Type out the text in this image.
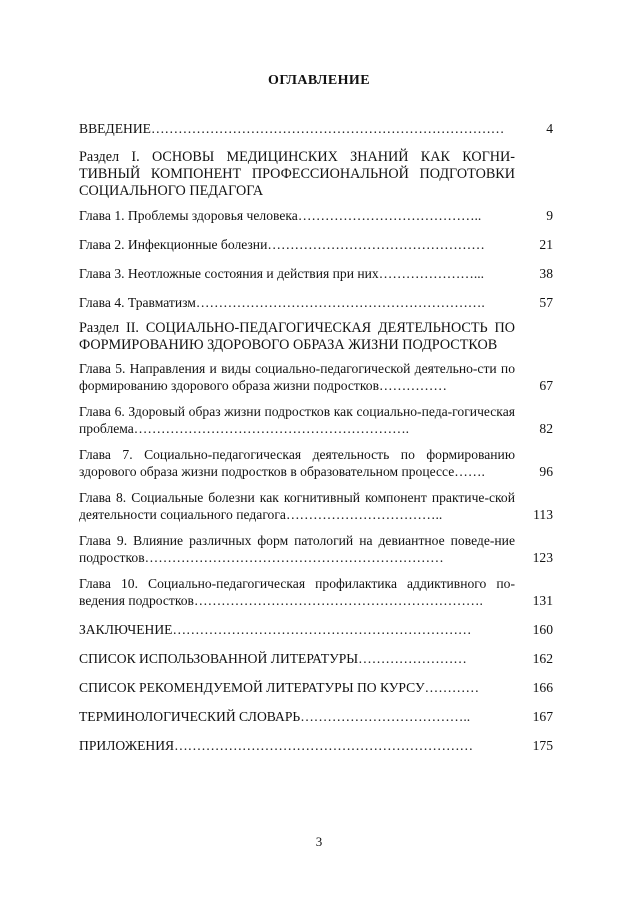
ОГЛАВЛЕНИЕ
ВВЕДЕНИЕ……………………………………………………………………	4
Раздел I. ОСНОВЫ МЕДИЦИНСКИХ ЗНАНИЙ КАК КОГНИ-ТИВНЫЙ КОМПОНЕНТ ПРОФЕССИОНАЛЬНОЙ ПОДГОТОВКИ СОЦИАЛЬНОГО ПЕДАГОГА
Глава 1. Проблемы здоровья человека…………………………………..	9
Глава 2. Инфекционные болезни…………………………………………	21
Глава 3. Неотложные состояния и действия при них…………………...	38
Глава 4. Травматизм……………………………………………………….	57
Раздел II. СОЦИАЛЬНО-ПЕДАГОГИЧЕСКАЯ ДЕЯТЕЛЬНОСТЬ ПО ФОРМИРОВАНИЮ ЗДОРОВОГО ОБРАЗА ЖИЗНИ ПОДРОСТКОВ
Глава 5. Направления и виды социально-педагогической деятельно-сти по формированию здорового образа жизни подростков……………	67
Глава 6. Здоровый образ жизни подростков как социально-педа-гогическая проблема…………………………………………………….	82
Глава 7. Социально-педагогическая деятельность по формированию здорового образа жизни подростков в образовательном процессе…….	96
Глава 8. Социальные болезни как когнитивный компонент практиче-ской деятельности социального педагога……………………………..	113
Глава 9. Влияние различных форм патологий на девиантное поведе-ние подростков…………………………………………………………	123
Глава 10. Социально-педагогическая профилактика аддиктивного по-ведения подростков……………………………………………………….	131
ЗАКЛЮЧЕНИЕ…………………………………………………………	160
СПИСОК ИСПОЛЬЗОВАННОЙ ЛИТЕРАТУРЫ……………………	162
СПИСОК РЕКОМЕНДУЕМОЙ ЛИТЕРАТУРЫ ПО КУРСУ…………	166
ТЕРМИНОЛОГИЧЕСКИЙ СЛОВАРЬ………………………………..	167
ПРИЛОЖЕНИЯ…………………………………………………………	175
3
